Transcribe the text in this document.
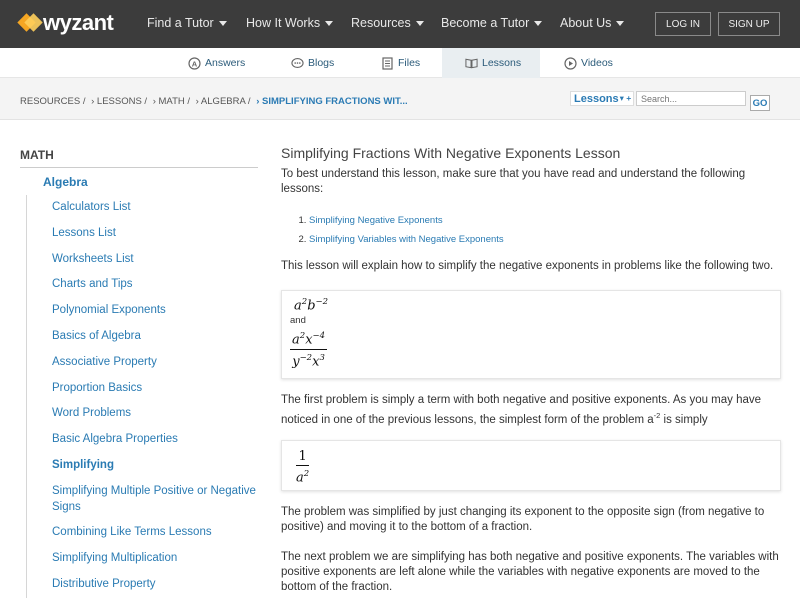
wyzant	Find a Tutor	How It Works Resources Become a Tutor About Us	LOG IN	SIGN UP
A Answers	Blogs	Files	Lessons	Videos
RESOURCES / › LESSONS / › MATH / › ALGEBRA / › SIMPLIFYING FRACTIONS WIT...	Lessons ▾ +
Search...	GO
MATH
Algebra
Calculators List
Lessons List
Worksheets List
Charts and Tips
Polynomial Exponents
Basics of Algebra
Associative Property
Proportion Basics
Word Problems
Basic Algebra Properties
Simplifying
Simplifying Multiple Positive or Negative Signs
Combining Like Terms Lessons
Simplifying Multiplication
Distributive Property
Simplifying Fractions With Negative Exponents Lesson
To best understand this lesson, make sure that you have read and understand the following lessons:
1. Simplifying Negative Exponents
2. Simplifying Variables with Negative Exponents
This lesson will explain how to simplify the negative exponents in problems like the following two.
$a^2b^{-2}$
and
$\frac{a^2x^{-4}}{y^{-2}x^3}$
The first problem is simply a term with both negative and positive exponents. As you may have noticed in one of the previous lessons, the simplest form of the problem $a^{-2}$ is simply
$\frac{1}{a^2}$
The problem was simplified by just changing its exponent to the opposite sign (from negative to positive) and moving it to the bottom of a fraction.
The next problem we are simplifying has both negative and positive exponents. The variables with positive exponents are left alone while the variables with negative exponents are moved to the bottom of the fraction.
